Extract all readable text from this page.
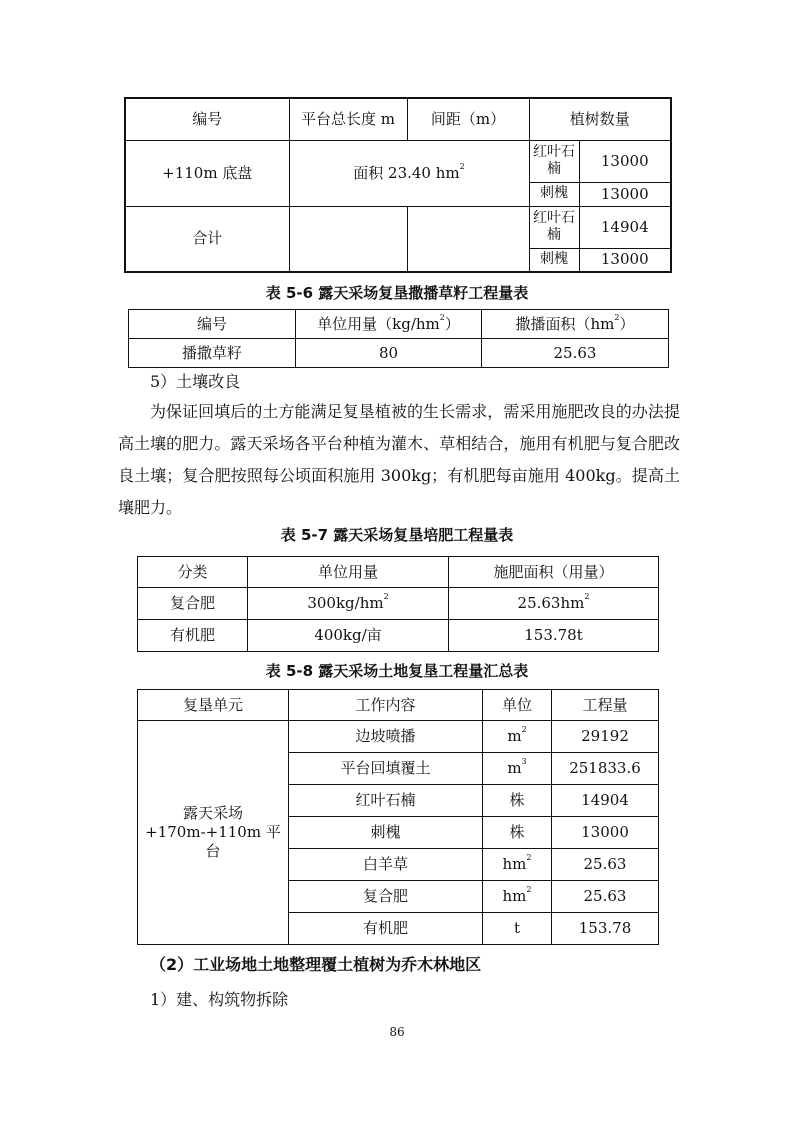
编号	平台总长度 m	间距（m）	植树数量	
+110m 底盘	面积 23.40 $hm^2$		红叶石楠	13000
			刺槐	13000
合计			红叶石楠	14904
			刺槐	13000
表 5-6 露天采场复垦撒播草籽工程量表
编号	单位用量$(kg/hm^2)$	撒播面积$(hm^2)$
播撒草籽	80	25.63
5）土壤改良
为保证回填后的土方能满足复垦植被的生长需求，需采用施肥改良的办法提高土壤的肥力。露天采场各平台种植为灌木、草相结合，施用有机肥与复合肥改良土壤；复合肥按照每公顷面积施用 300kg；有机肥每亩施用 400kg。提高土壤肥力。
表 5-7 露天采场复垦培肥工程量表
分类	单位用量	施肥面积（用量）
复合肥	$300kg/hm^2$	$25.63hm^2$
有机肥	400kg/亩	153.78t
表 5-8 露天采场土地复垦工程量汇总表
复垦单元	工作内容	单位	工程量

露天采场
+170m-+110m 平台	边坡喷播	$m^2$	29192
	平台回填覆土	$m^3$	251833.6
	红叶石楠	株	14904
	刺槐	株	13000
	白羊草	$hm^2$	25.63
	复合肥	$hm^2$	25.63
	有机肥	t	153.78
（2）工业场地土地整理覆土植树为乔木林地区
1）建、构筑物拆除
86
